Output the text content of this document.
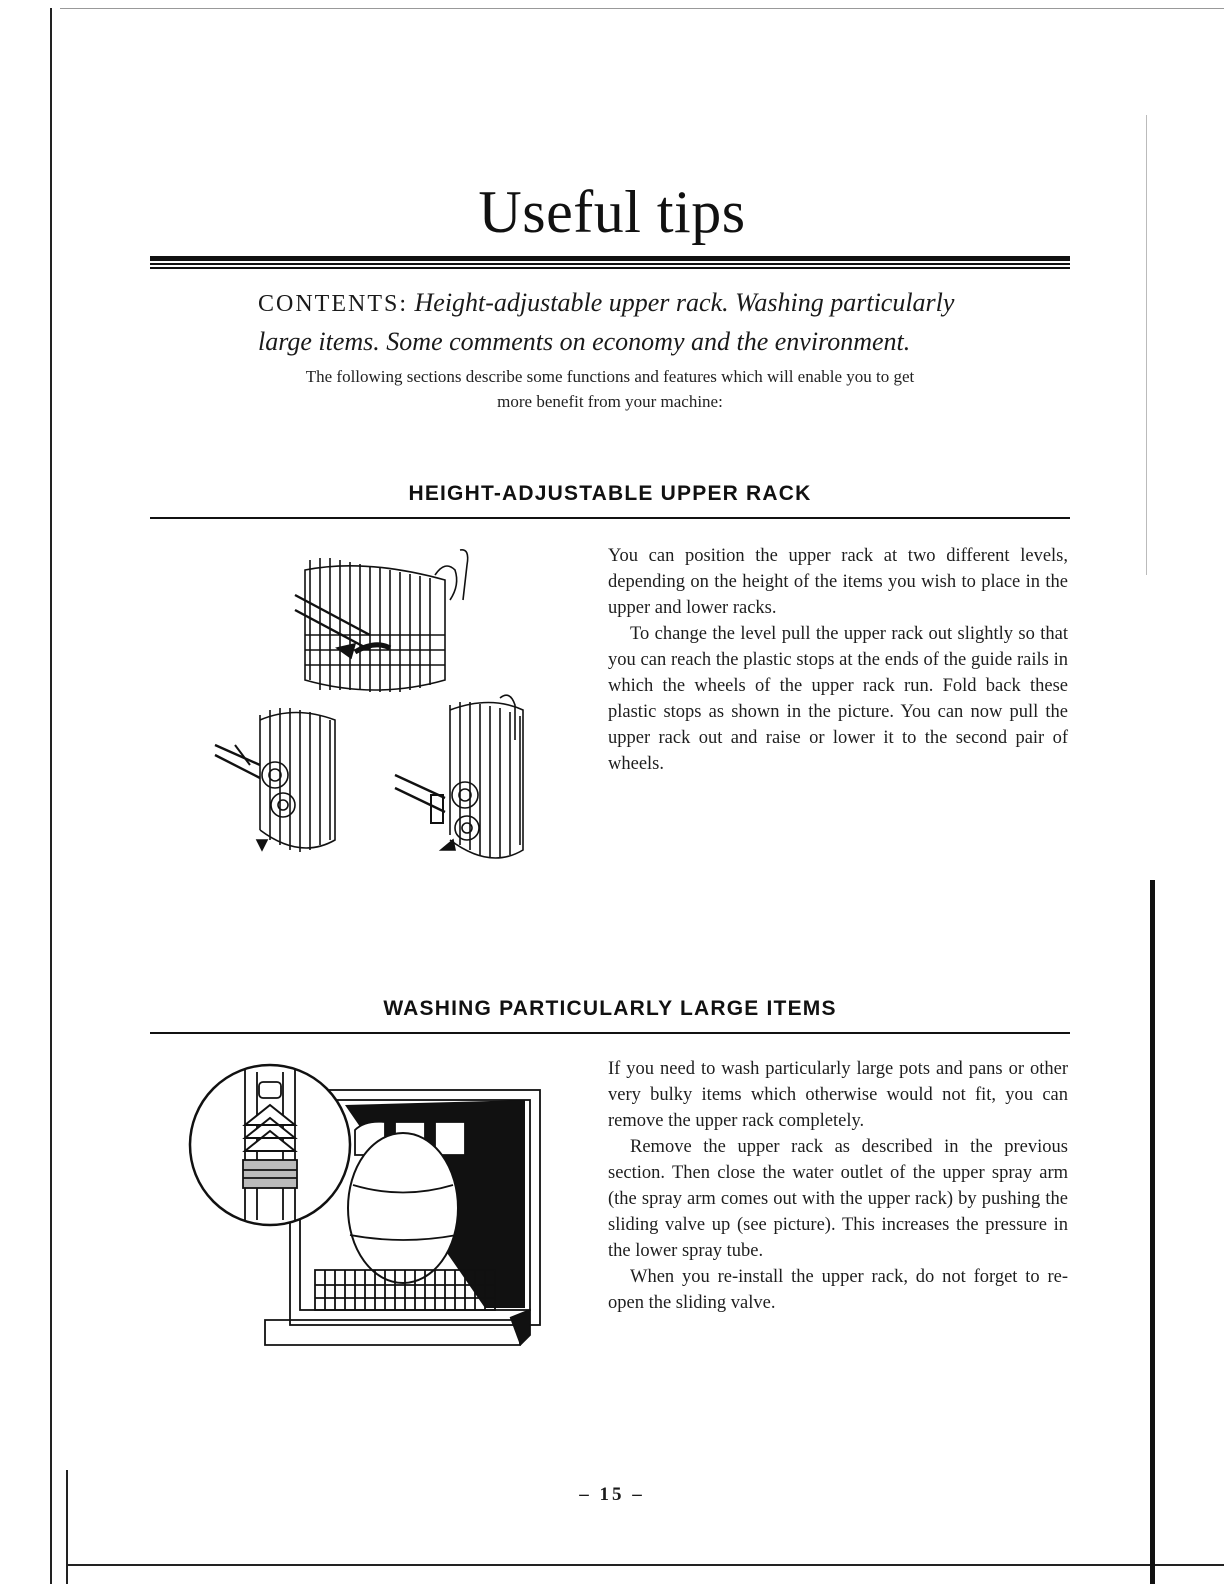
Useful tips
CONTENTS: Height-adjustable upper rack. Washing particularly
large items. Some comments on economy and the environment.
The following sections describe some functions and features which will enable you to get
more benefit from your machine:
HEIGHT-ADJUSTABLE UPPER RACK

You can position the upper rack at two different levels, depending on the height of the items you wish to place in the upper and lower racks.

To change the level pull the upper rack out slightly so that you can reach the plastic stops at the ends of the guide rails in which the wheels of the upper rack run. Fold back these plastic stops as shown in the picture. You can now pull the upper rack out and raise or lower it to the second pair of wheels.

WASHING PARTICULARLY LARGE ITEMS

If you need to wash particularly large pots and pans or other very bulky items which otherwise would not fit, you can remove the upper rack completely.

Remove the upper rack as described in the previous section. Then close the water outlet of the upper spray arm (the spray arm comes out with the upper rack) by pushing the sliding valve up (see picture). This increases the pressure in the lower spray tube.

When you re-install the upper rack, do not forget to re-open the sliding valve.

– 15 –
